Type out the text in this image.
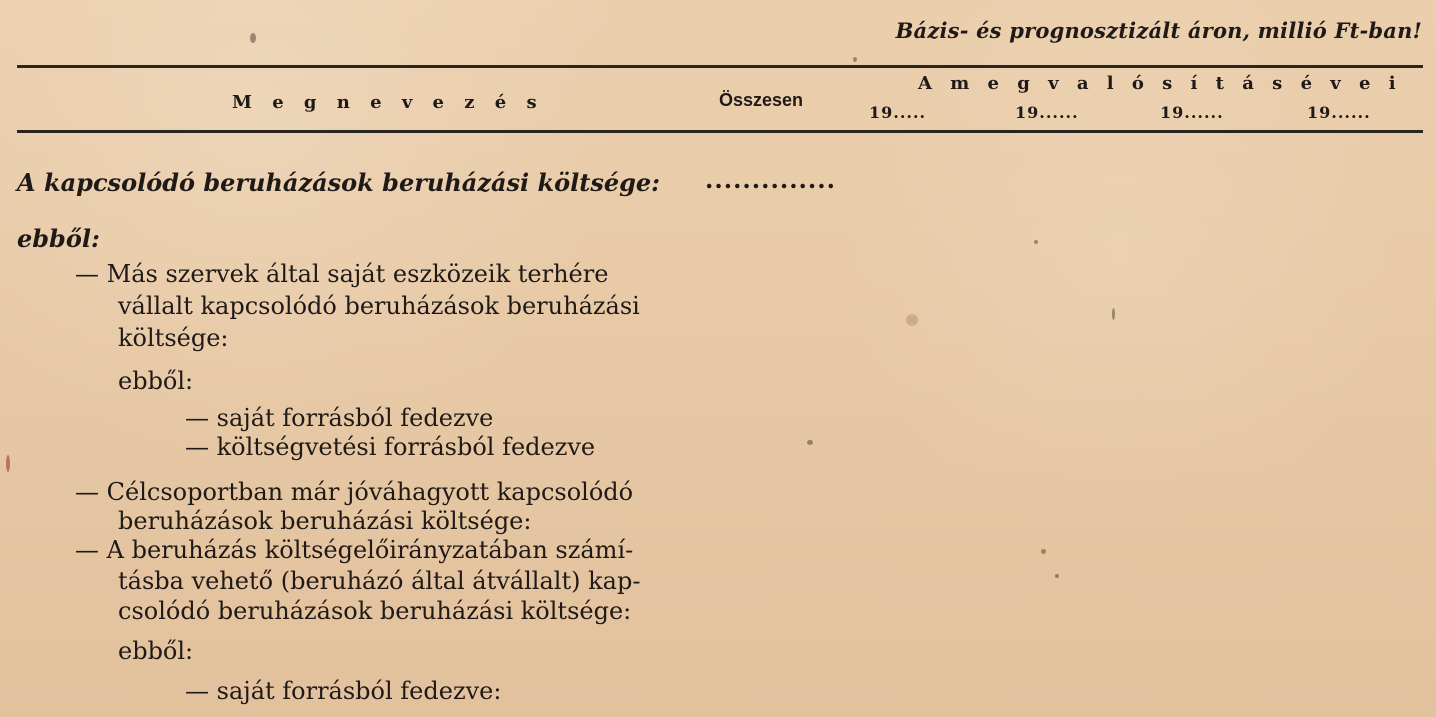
Bázis- és prognosztizált áron, millió Ft-ban!
M e g n e v e z é s	Összesen
A m e g v a l ó s í t á s é v e i
19.....	19......	19......	19......
A kapcsolódó beruházások beruházási költsége: ..............
ebből:
— Más szervek által saját eszközeik terhére
vállalt kapcsolódó beruházások beruházási
költsége:
ebből:
— saját forrásból fedezve
— költségvetési forrásból fedezve
— Célcsoportban már jóváhagyott kapcsolódó
beruházások beruházási költsége:
— A beruházás költségelőirányzatában számí-
tásba vehető (beruházó által átvállalt) kap-
csolódó beruházások beruházási költsége:
ebből:
— saját forrásból fedezve:
